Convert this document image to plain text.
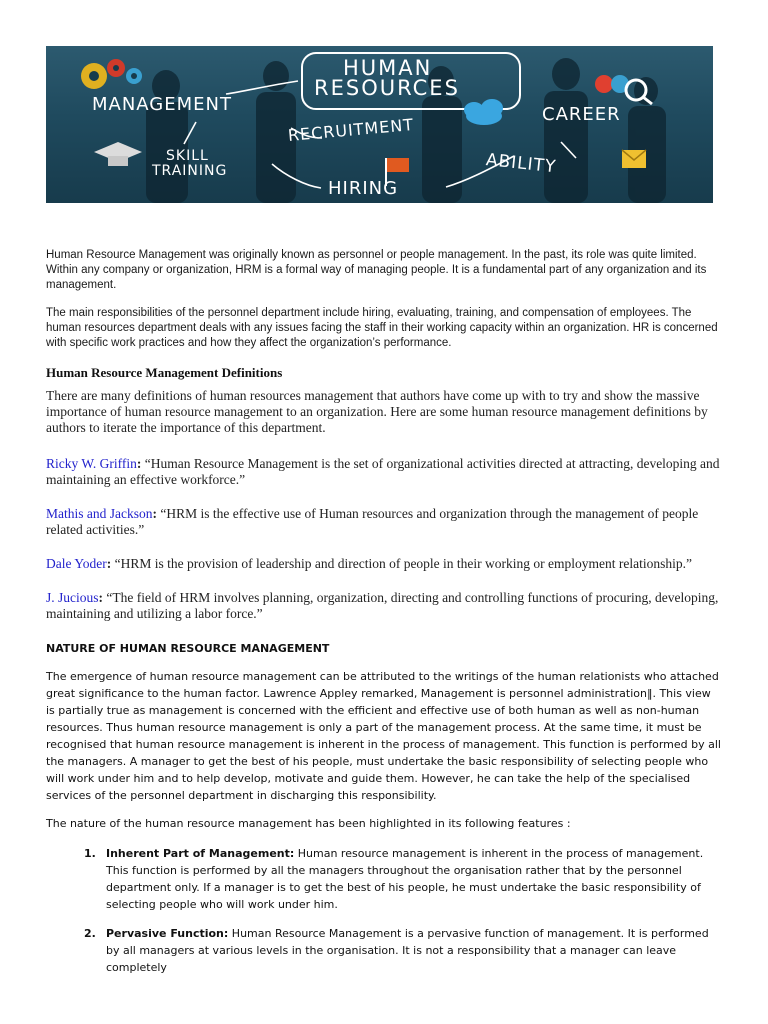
HUMAN
RESOURCES
MANAGEMENT	CAREER
RECRUITMENT
SKILL
TRAINING	ABILITY
HIRING

Human Resource Management was originally known as personnel or people management. In the past, its role was quite limited. Within any company or organization, HRM is a formal way of managing people. It is a fundamental part of any organization and its management.

The main responsibilities of the personnel department include hiring, evaluating, training, and compensation of employees. The human resources department deals with any issues facing the staff in their working capacity within an organization. HR is concerned with specific work practices and how they affect the organization’s performance.

Human Resource Management Definitions

There are many definitions of human resources management that authors have come up with to try and show the massive importance of human resource management to an organization. Here are some human resource management definitions by authors to iterate the importance of this department.

Ricky W. Griffin: “Human Resource Management is the set of organizational activities directed at attracting, developing and maintaining an effective workforce.”

Mathis and Jackson: “HRM is the effective use of Human resources and organization through the management of people related activities.”

Dale Yoder: “HRM is the provision of leadership and direction of people in their working or employment relationship.”

J. Jucious: “The field of HRM involves planning, organization, directing and controlling functions of procuring, developing, maintaining and utilizing a labor force.”

NATURE OF HUMAN RESOURCE MANAGEMENT

The emergence of human resource management can be attributed to the writings of the human relationists who attached great significance to the human factor. Lawrence Appley remarked, Management is personnel administration‖. This view is partially true as management is concerned with the efficient and effective use of both human as well as non-human resources. Thus human resource management is only a part of the management process. At the same time, it must be recognised that human resource management is inherent in the process of management. This function is performed by all the managers. A manager to get the best of his people, must undertake the basic responsibility of selecting people who will work under him and to help develop, motivate and guide them. However, he can take the help of the specialised services of the personnel department in discharging this responsibility.

The nature of the human resource management has been highlighted in its following features :

1. Inherent Part of Management: Human resource management is inherent in the process of management. This function is performed by all the managers throughout the organisation rather that by the personnel department only. If a manager is to get the best of his people, he must undertake the basic responsibility of selecting people who will work under him.
2. Pervasive Function: Human Resource Management is a pervasive function of management. It is performed by all managers at various levels in the organisation. It is not a responsibility that a manager can leave completely
